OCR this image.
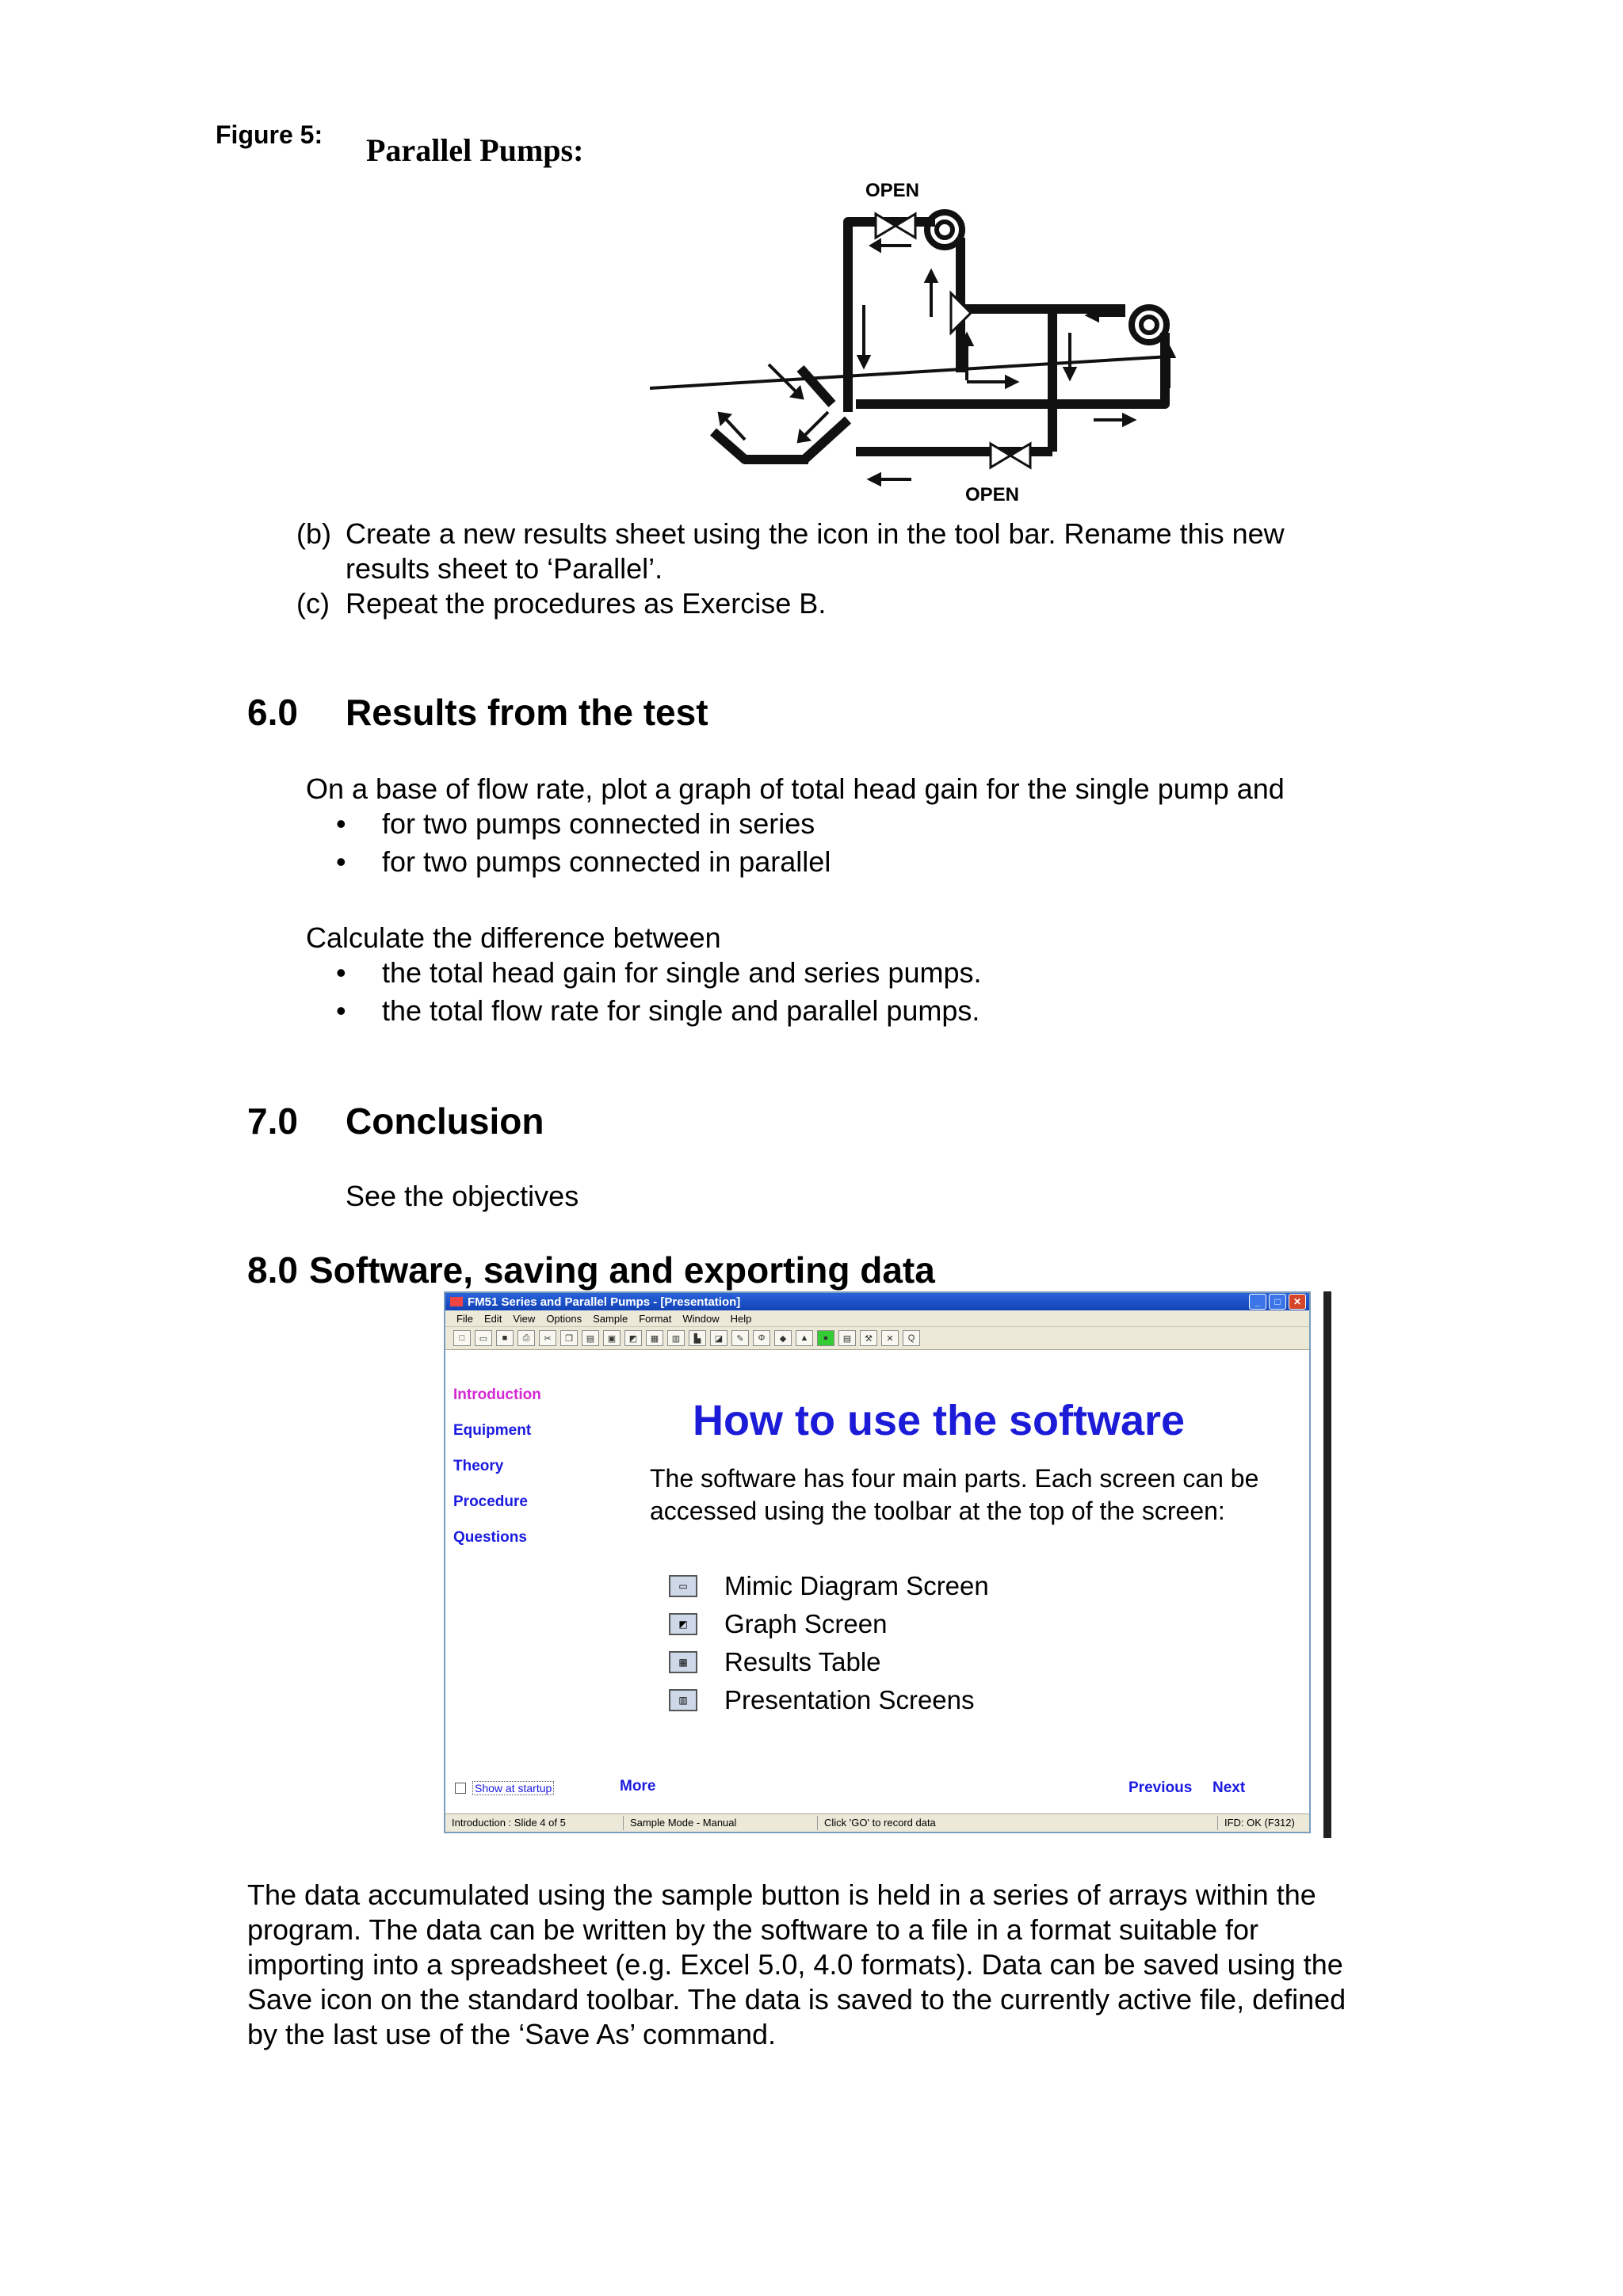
Figure 5: Parallel Pumps:
OPEN
OPEN
(b) Create a new results sheet using the icon in the tool bar. Rename this new
results sheet to ‘Parallel’.
(c) Repeat the procedures as Exercise B.
6.0 Results from the test
On a base of flow rate, plot a graph of total head gain for the single pump and
•	for two pumps connected in series
•	for two pumps connected in parallel
Calculate the difference between
•	the total head gain for single and series pumps.
•	the total flow rate for single and parallel pumps.
7.0 Conclusion
See the objectives
8.0 Software, saving and exporting data
FM51 Series and Parallel Pumps - [Presentation]	_	□	✕
File Edit View Options Sample Format Window Help
□	▭	■	⎙	✂	❐	▤	▣	◩	▦	▥	▙	◪	✎	Φ	◆	▲	●	▤	⚒	✕	Q
Introduction
Equipment
Theory
Procedure
Questions
How to use the software
The software has four main parts. Each screen can be accessed using the toolbar at the top of the screen:
▭	Mimic Diagram Screen
◩	Graph Screen
▦	Results Table
▥	Presentation Screens
Show at startup	More	Previous Next
Introduction : Slide 4 of 5	Sample Mode - Manual	Click 'GO' to record data	IFD: OK (F312)
The data accumulated using the sample button is held in a series of arrays within the
program. The data can be written by the software to a file in a format suitable for
importing into a spreadsheet (e.g. Excel 5.0, 4.0 formats). Data can be saved using the
Save icon on the standard toolbar. The data is saved to the currently active file, defined
by the last use of the ‘Save As’ command.
